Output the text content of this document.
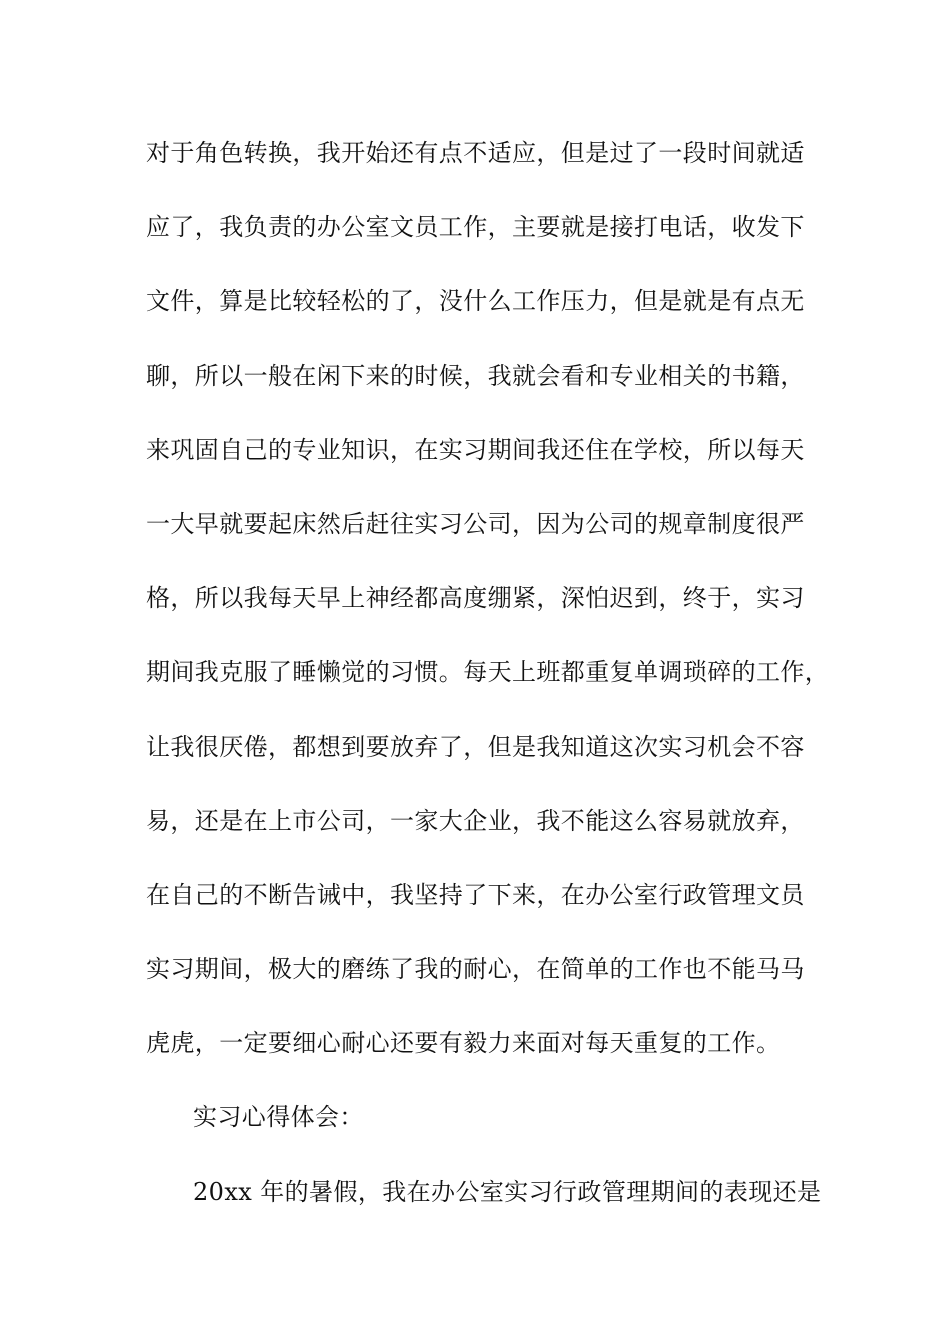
对于角色转换，我开始还有点不适应，但是过了一段时间就适
应了，我负责的办公室文员工作，主要就是接打电话，收发下
文件，算是比较轻松的了，没什么工作压力，但是就是有点无
聊，所以一般在闲下来的时候，我就会看和专业相关的书籍，
来巩固自己的专业知识，在实习期间我还住在学校，所以每天
一大早就要起床然后赶往实习公司，因为公司的规章制度很严
格，所以我每天早上神经都高度绷紧，深怕迟到，终于，实习
期间我克服了睡懒觉的习惯。每天上班都重复单调琐碎的工作，
让我很厌倦，都想到要放弃了，但是我知道这次实习机会不容
易，还是在上市公司，一家大企业，我不能这么容易就放弃，
在自己的不断告诫中，我坚持了下来，在办公室行政管理文员
实习期间，极大的磨练了我的耐心，在简单的工作也不能马马
虎虎，一定要细心耐心还要有毅力来面对每天重复的工作。
实习心得体会：
20xx 年的暑假，我在办公室实习行政管理期间的表现还是
